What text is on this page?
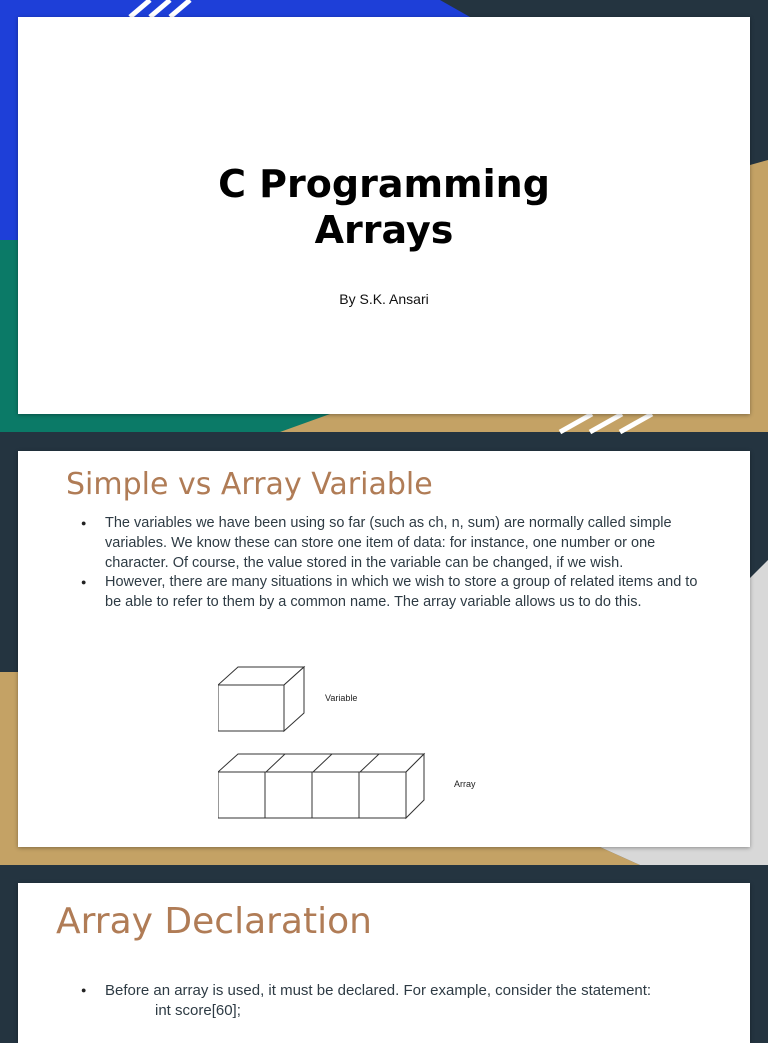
C Programming
Arrays
By S.K. Ansari
Simple vs Array Variable
● The variables we have been using so far (such as ch, n, sum) are normally called simple variables. We know these can store one item of data: for instance, one number or one character. Of course, the value stored in the variable can be changed, if we wish.
● However, there are many situations in which we wish to store a group of related items and to be able to refer to them by a common name. The array variable allows us to do this.
Variable
Array
Array Declaration
● Before an array is used, it must be declared. For example, consider the statement:
int score[60];
